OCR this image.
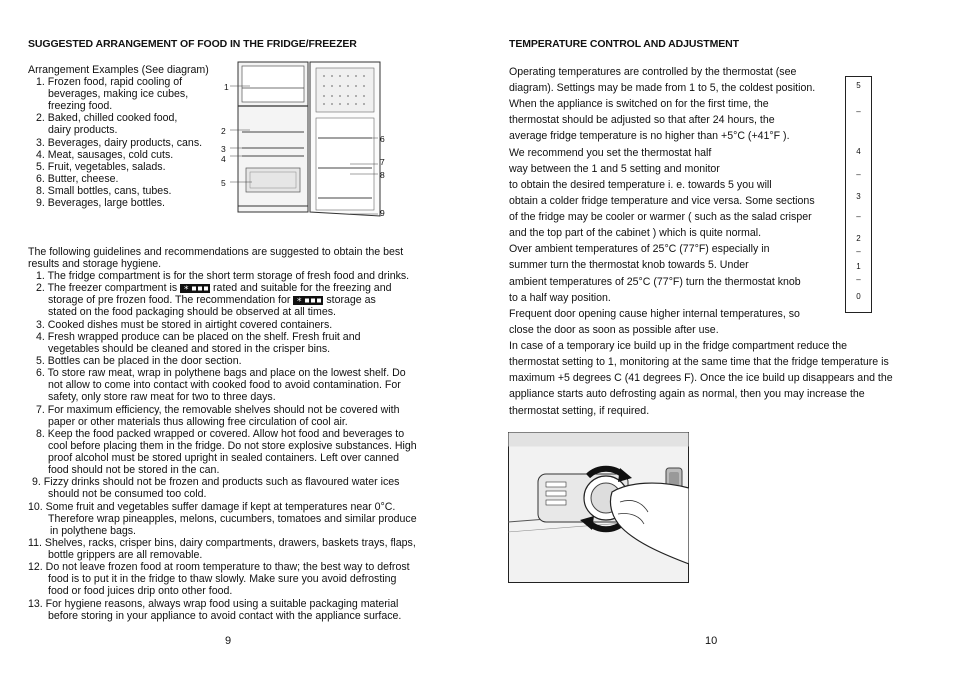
SUGGESTED ARRANGEMENT OF FOOD IN THE FRIDGE/FREEZER
Arrangement Examples (See diagram)
1. Frozen food, rapid cooling of
beverages, making ice cubes,
freezing food.
2. Baked, chilled cooked food,
dairy products.
3. Beverages, dairy products, cans.
4. Meat, sausages, cold cuts.
5. Fruit, vegetables, salads.
6. Butter, cheese.
8. Small bottles, cans, tubes.
9. Beverages, large bottles.
1
2
3
4
5
6
7
8
9
The following guidelines and recommendations are suggested to obtain the best
results and storage hygiene.
1. The fridge compartment is for the short term storage of fresh food and drinks.
2. The freezer compartment is * rated and suitable for the freezing and
storage of pre frozen food. The recommendation for * storage as
stated on the food packaging should be observed at all times.
3. Cooked dishes must be stored in airtight covered containers.
4. Fresh wrapped produce can be placed on the shelf. Fresh fruit and
vegetables should be cleaned and stored in the crisper bins.
5. Bottles can be placed in the door section.
6. To store raw meat, wrap in polythene bags and place on the lowest shelf. Do
not allow to come into contact with cooked food to avoid contamination. For
safety, only store raw meat for two to three days.
7. For maximum efficiency, the removable shelves should not be covered with
paper or other materials thus allowing free circulation of cool air.
8. Keep the food packed wrapped or covered. Allow hot food and beverages to
cool before placing them in the fridge. Do not store explosive substances. High
proof alcohol must be stored upright in sealed containers. Left over canned
food should not be stored in the can.
9. Fizzy drinks should not be frozen and products such as flavoured water ices
should not be consumed too cold.
10. Some fruit and vegetables suffer damage if kept at temperatures near 0°C.
Therefore wrap pineapples, melons, cucumbers, tomatoes and similar produce
in polythene bags.
11. Shelves, racks, crisper bins, dairy compartments, drawers, baskets trays, flaps,
bottle grippers are all removable.
12. Do not leave frozen food at room temperature to thaw; the best way to defrost
food is to put it in the fridge to thaw slowly. Make sure you avoid defrosting
food or food juices drip onto other food.
13. For hygiene reasons, always wrap food using a suitable packaging material
before storing in your appliance to avoid contact with the appliance surface.
9
TEMPERATURE CONTROL AND ADJUSTMENT
Operating temperatures are controlled by the thermostat (see
diagram). Settings may be made from 1 to 5, the coldest position.
When the appliance is switched on for the first time, the
thermostat should be adjusted so that after 24 hours, the
average fridge temperature is no higher than +5°C (+41°F ).
We recommend you set the thermostat half
way between the 1 and 5 setting and monitor
to obtain the desired temperature i. e. towards 5 you will
obtain a colder fridge temperature and vice versa. Some sections
of the fridge may be cooler or warmer ( such as the salad crisper
and the top part of the cabinet ) which is quite normal.
Over ambient temperatures of 25°C (77°F) especially in
summer turn the thermostat knob towards 5. Under
ambient temperatures of 25°C (77°F) turn the thermostat knob
to a half way position.
Frequent door opening cause higher internal temperatures, so
close the door as soon as possible after use.
In case of a temporary ice build up in the fridge compartment reduce the
thermostat setting to 1, monitoring at the same time that the fridge temperature is
maximum +5 degrees C (41 degrees F). Once the ice build up disappears and the
appliance starts auto defrosting again as normal, then you may increase the
thermostat setting, if required.
5
–
4
–
3
–
2
–
1
–
0
10
